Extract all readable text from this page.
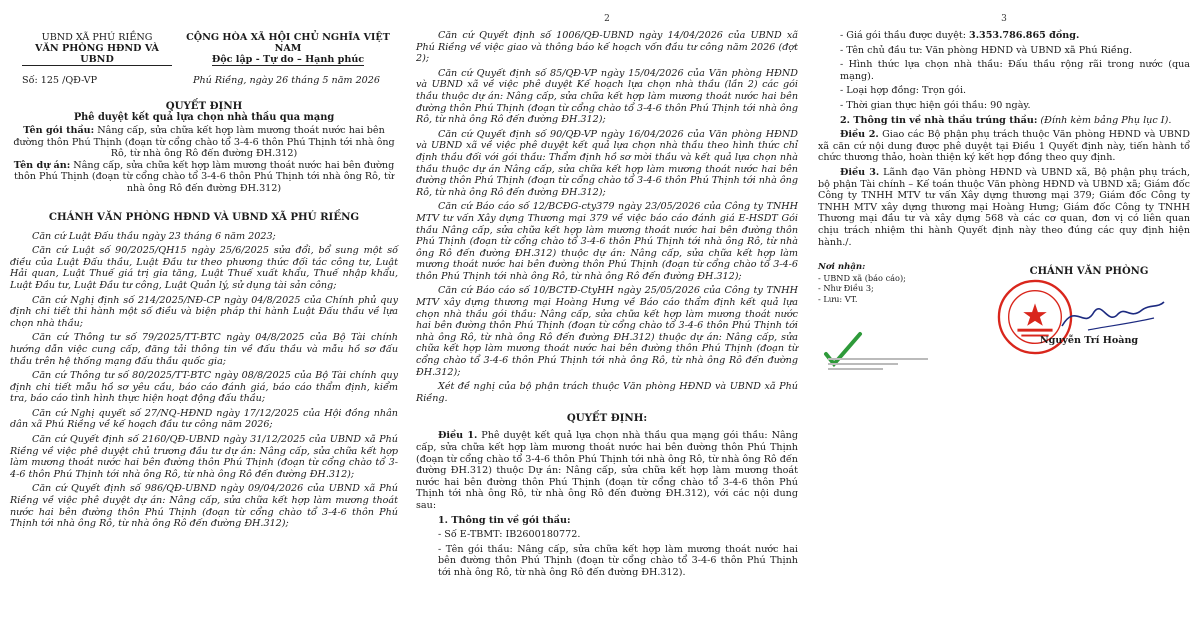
UBND XÃ PHÚ RIỀNG
VĂN PHÒNG HĐND VÀ UBND
CỘNG HÒA XÃ HỘI CHỦ NGHĨA VIỆT NAM
Độc lập - Tự do – Hạnh phúc
Số: 125 /QĐ-VP	Phú Riềng, ngày 26 tháng 5 năm 2026
QUYẾT ĐỊNH
Phê duyệt kết quả lựa chọn nhà thầu qua mạng

Tên gói thầu: Nâng cấp, sửa chữa kết hợp làm mương thoát nước hai bên đường thôn Phú Thịnh (đoạn từ cổng chào tổ 3-4-6 thôn Phú Thịnh tới nhà ông Rô, từ nhà ông Rô đến đường ĐH.312)

Tên dự án: Nâng cấp, sửa chữa kết hợp làm mương thoát nước hai bên đường thôn Phú Thịnh (đoạn từ cổng chào tổ 3-4-6 thôn Phú Thịnh tới nhà ông Rô, từ nhà ông Rô đến đường ĐH.312)

CHÁNH VĂN PHÒNG HĐND VÀ UBND XÃ PHÚ RIỀNG

Căn cứ Luật Đấu thầu ngày 23 tháng 6 năm 2023;

Căn cứ Luật số 90/2025/QH15 ngày 25/6/2025 sửa đổi, bổ sung một số điều của Luật Đấu thầu, Luật Đầu tư theo phương thức đối tác công tư, Luật Hải quan, Luật Thuế giá trị gia tăng, Luật Thuế xuất khẩu, Thuế nhập khẩu, Luật Đầu tư, Luật Đầu tư công, Luật Quản lý, sử dụng tài sản công;

Căn cứ Nghị định số 214/2025/NĐ-CP ngày 04/8/2025 của Chính phủ quy định chi tiết thi hành một số điều và biện pháp thi hành Luật Đấu thầu về lựa chọn nhà thầu;

Căn cứ Thông tư số 79/2025/TT-BTC ngày 04/8/2025 của Bộ Tài chính hướng dẫn việc cung cấp, đăng tải thông tin về đấu thầu và mẫu hồ sơ đấu thầu trên hệ thống mạng đấu thầu quốc gia;

Căn cứ Thông tư số 80/2025/TT-BTC ngày 08/8/2025 của Bộ Tài chính quy định chi tiết mẫu hồ sơ yêu cầu, báo cáo đánh giá, báo cáo thẩm định, kiểm tra, báo cáo tình hình thực hiện hoạt động đấu thầu;

Căn cứ Nghị quyết số 27/NQ-HĐND ngày 17/12/2025 của Hội đồng nhân dân xã Phú Riềng về kế hoạch đầu tư công năm 2026;

Căn cứ Quyết định số 2160/QĐ-UBND ngày 31/12/2025 của UBND xã Phú Riềng về việc phê duyệt chủ trương đầu tư dự án: Nâng cấp, sửa chữa kết hợp làm mương thoát nước hai bên đường thôn Phú Thịnh (đoạn từ cổng chào tổ 3-4-6 thôn Phú Thịnh tới nhà ông Rô, từ nhà ông Rô đến đường ĐH.312);

Căn cứ Quyết định số 986/QĐ-UBND ngày 09/04/2026 của UBND xã Phú Riềng về việc phê duyệt dự án: Nâng cấp, sửa chữa kết hợp làm mương thoát nước hai bên đường thôn Phú Thịnh (đoạn từ cổng chào tổ 3-4-6 thôn Phú Thịnh tới nhà ông Rô, từ nhà ông Rô đến đường ĐH.312);

2

Căn cứ Quyết định số 1006/QĐ-UBND ngày 14/04/2026 của UBND xã Phú Riềng về việc giao và thông báo kế hoạch vốn đầu tư công năm 2026 (đợt 2);

Căn cứ Quyết định số 85/QĐ-VP ngày 15/04/2026 của Văn phòng HĐND và UBND xã về việc phê duyệt Kế hoạch lựa chọn nhà thầu (lần 2) các gói thầu thuộc dự án: Nâng cấp, sửa chữa kết hợp làm mương thoát nước hai bên đường thôn Phú Thịnh (đoạn từ cổng chào tổ 3-4-6 thôn Phú Thịnh tới nhà ông Rô, từ nhà ông Rô đến đường ĐH.312);

Căn cứ Quyết định số 90/QĐ-VP ngày 16/04/2026 của Văn phòng HĐND và UBND xã về việc phê duyệt kết quả lựa chọn nhà thầu theo hình thức chỉ định thầu đối với gói thầu: Thẩm định hồ sơ mời thầu và kết quả lựa chọn nhà thầu thuộc dự án Nâng cấp, sửa chữa kết hợp làm mương thoát nước hai bên đường thôn Phú Thịnh (đoạn từ cổng chào tổ 3-4-6 thôn Phú Thịnh tới nhà ông Rô, từ nhà ông Rô đến đường ĐH.312);

Căn cứ Báo cáo số 12/BCĐG-cty379 ngày 23/05/2026 của Công ty TNHH MTV tư vấn Xây dựng Thương mại 379 về việc báo cáo đánh giá E-HSDT Gói thầu Nâng cấp, sửa chữa kết hợp làm mương thoát nước hai bên đường thôn Phú Thịnh (đoạn từ cổng chào tổ 3-4-6 thôn Phú Thịnh tới nhà ông Rô, từ nhà ông Rô đến đường ĐH.312) thuộc dự án: Nâng cấp, sửa chữa kết hợp làm mương thoát nước hai bên đường thôn Phú Thịnh (đoạn từ cổng chào tổ 3-4-6 thôn Phú Thịnh tới nhà ông Rô, từ nhà ông Rô đến đường ĐH.312);

Căn cứ Báo cáo số 10/BCTĐ-CtyHH ngày 25/05/2026 của Công ty TNHH MTV xây dựng thương mại Hoàng Hưng về Báo cáo thẩm định kết quả lựa chọn nhà thầu gói thầu: Nâng cấp, sửa chữa kết hợp làm mương thoát nước hai bên đường thôn Phú Thịnh (đoạn từ cổng chào tổ 3-4-6 thôn Phú Thịnh tới nhà ông Rô, từ nhà ông Rô đến đường ĐH.312) thuộc dự án: Nâng cấp, sửa chữa kết hợp làm mương thoát nước hai bên đường thôn Phú Thịnh (đoạn từ cổng chào tổ 3-4-6 thôn Phú Thịnh tới nhà ông Rô, từ nhà ông Rô đến đường ĐH.312);

Xét đề nghị của bộ phận trách thuộc Văn phòng HĐND và UBND xã Phú Riềng.

QUYẾT ĐỊNH:

Điều 1. Phê duyệt kết quả lựa chọn nhà thầu qua mạng gói thầu: Nâng cấp, sửa chữa kết hợp làm mương thoát nước hai bên đường thôn Phú Thịnh (đoạn từ cổng chào tổ 3-4-6 thôn Phú Thịnh tới nhà ông Rô, từ nhà ông Rô đến đường ĐH.312) thuộc Dự án: Nâng cấp, sửa chữa kết hợp làm mương thoát nước hai bên đường thôn Phú Thịnh (đoạn từ cổng chào tổ 3-4-6 thôn Phú Thịnh tới nhà ông Rô, từ nhà ông Rô đến đường ĐH.312), với các nội dung sau:

1. Thông tin về gói thầu:
- Số E-TBMT: IB2600180772.
- Tên gói thầu: Nâng cấp, sửa chữa kết hợp làm mương thoát nước hai bên đường thôn Phú Thịnh (đoạn từ cổng chào tổ 3-4-6 thôn Phú Thịnh tới nhà ông Rô, từ nhà ông Rô đến đường ĐH.312).
3
- Giá gói thầu được duyệt: 3.353.786.865 đồng.
- Tên chủ đầu tư: Văn phòng HĐND và UBND xã Phú Riềng.
- Hình thức lựa chọn nhà thầu: Đấu thầu rộng rãi trong nước (qua mạng).
- Loại hợp đồng: Trọn gói.
- Thời gian thực hiện gói thầu: 90 ngày.
2. Thông tin về nhà thầu trúng thầu: (Đính kèm bảng Phụ lục I).

Điều 2. Giao các Bộ phận phụ trách thuộc Văn phòng HĐND và UBND xã căn cứ nội dung được phê duyệt tại Điều 1 Quyết định này, tiến hành tổ chức thương thảo, hoàn thiện ký kết hợp đồng theo quy định.

Điều 3. Lãnh đạo Văn phòng HĐND và UBND xã, Bộ phận phụ trách, bộ phận Tài chính – Kế toán thuộc Văn phòng HĐND và UBND xã; Giám đốc Công ty TNHH MTV tư vấn Xây dựng thương mại 379; Giám đốc Công ty TNHH MTV xây dựng thương mại Hoàng Hưng; Giám đốc Công ty TNHH Thương mại đầu tư và xây dựng 568 và các cơ quan, đơn vị có liên quan chịu trách nhiệm thi hành Quyết định này theo đúng các quy định hiện hành./.

Nơi nhận:
- UBND xã (báo cáo);
- Như Điều 3;
- Lưu: VT.
CHÁNH VĂN PHÒNG
Nguyễn Trí Hoàng
